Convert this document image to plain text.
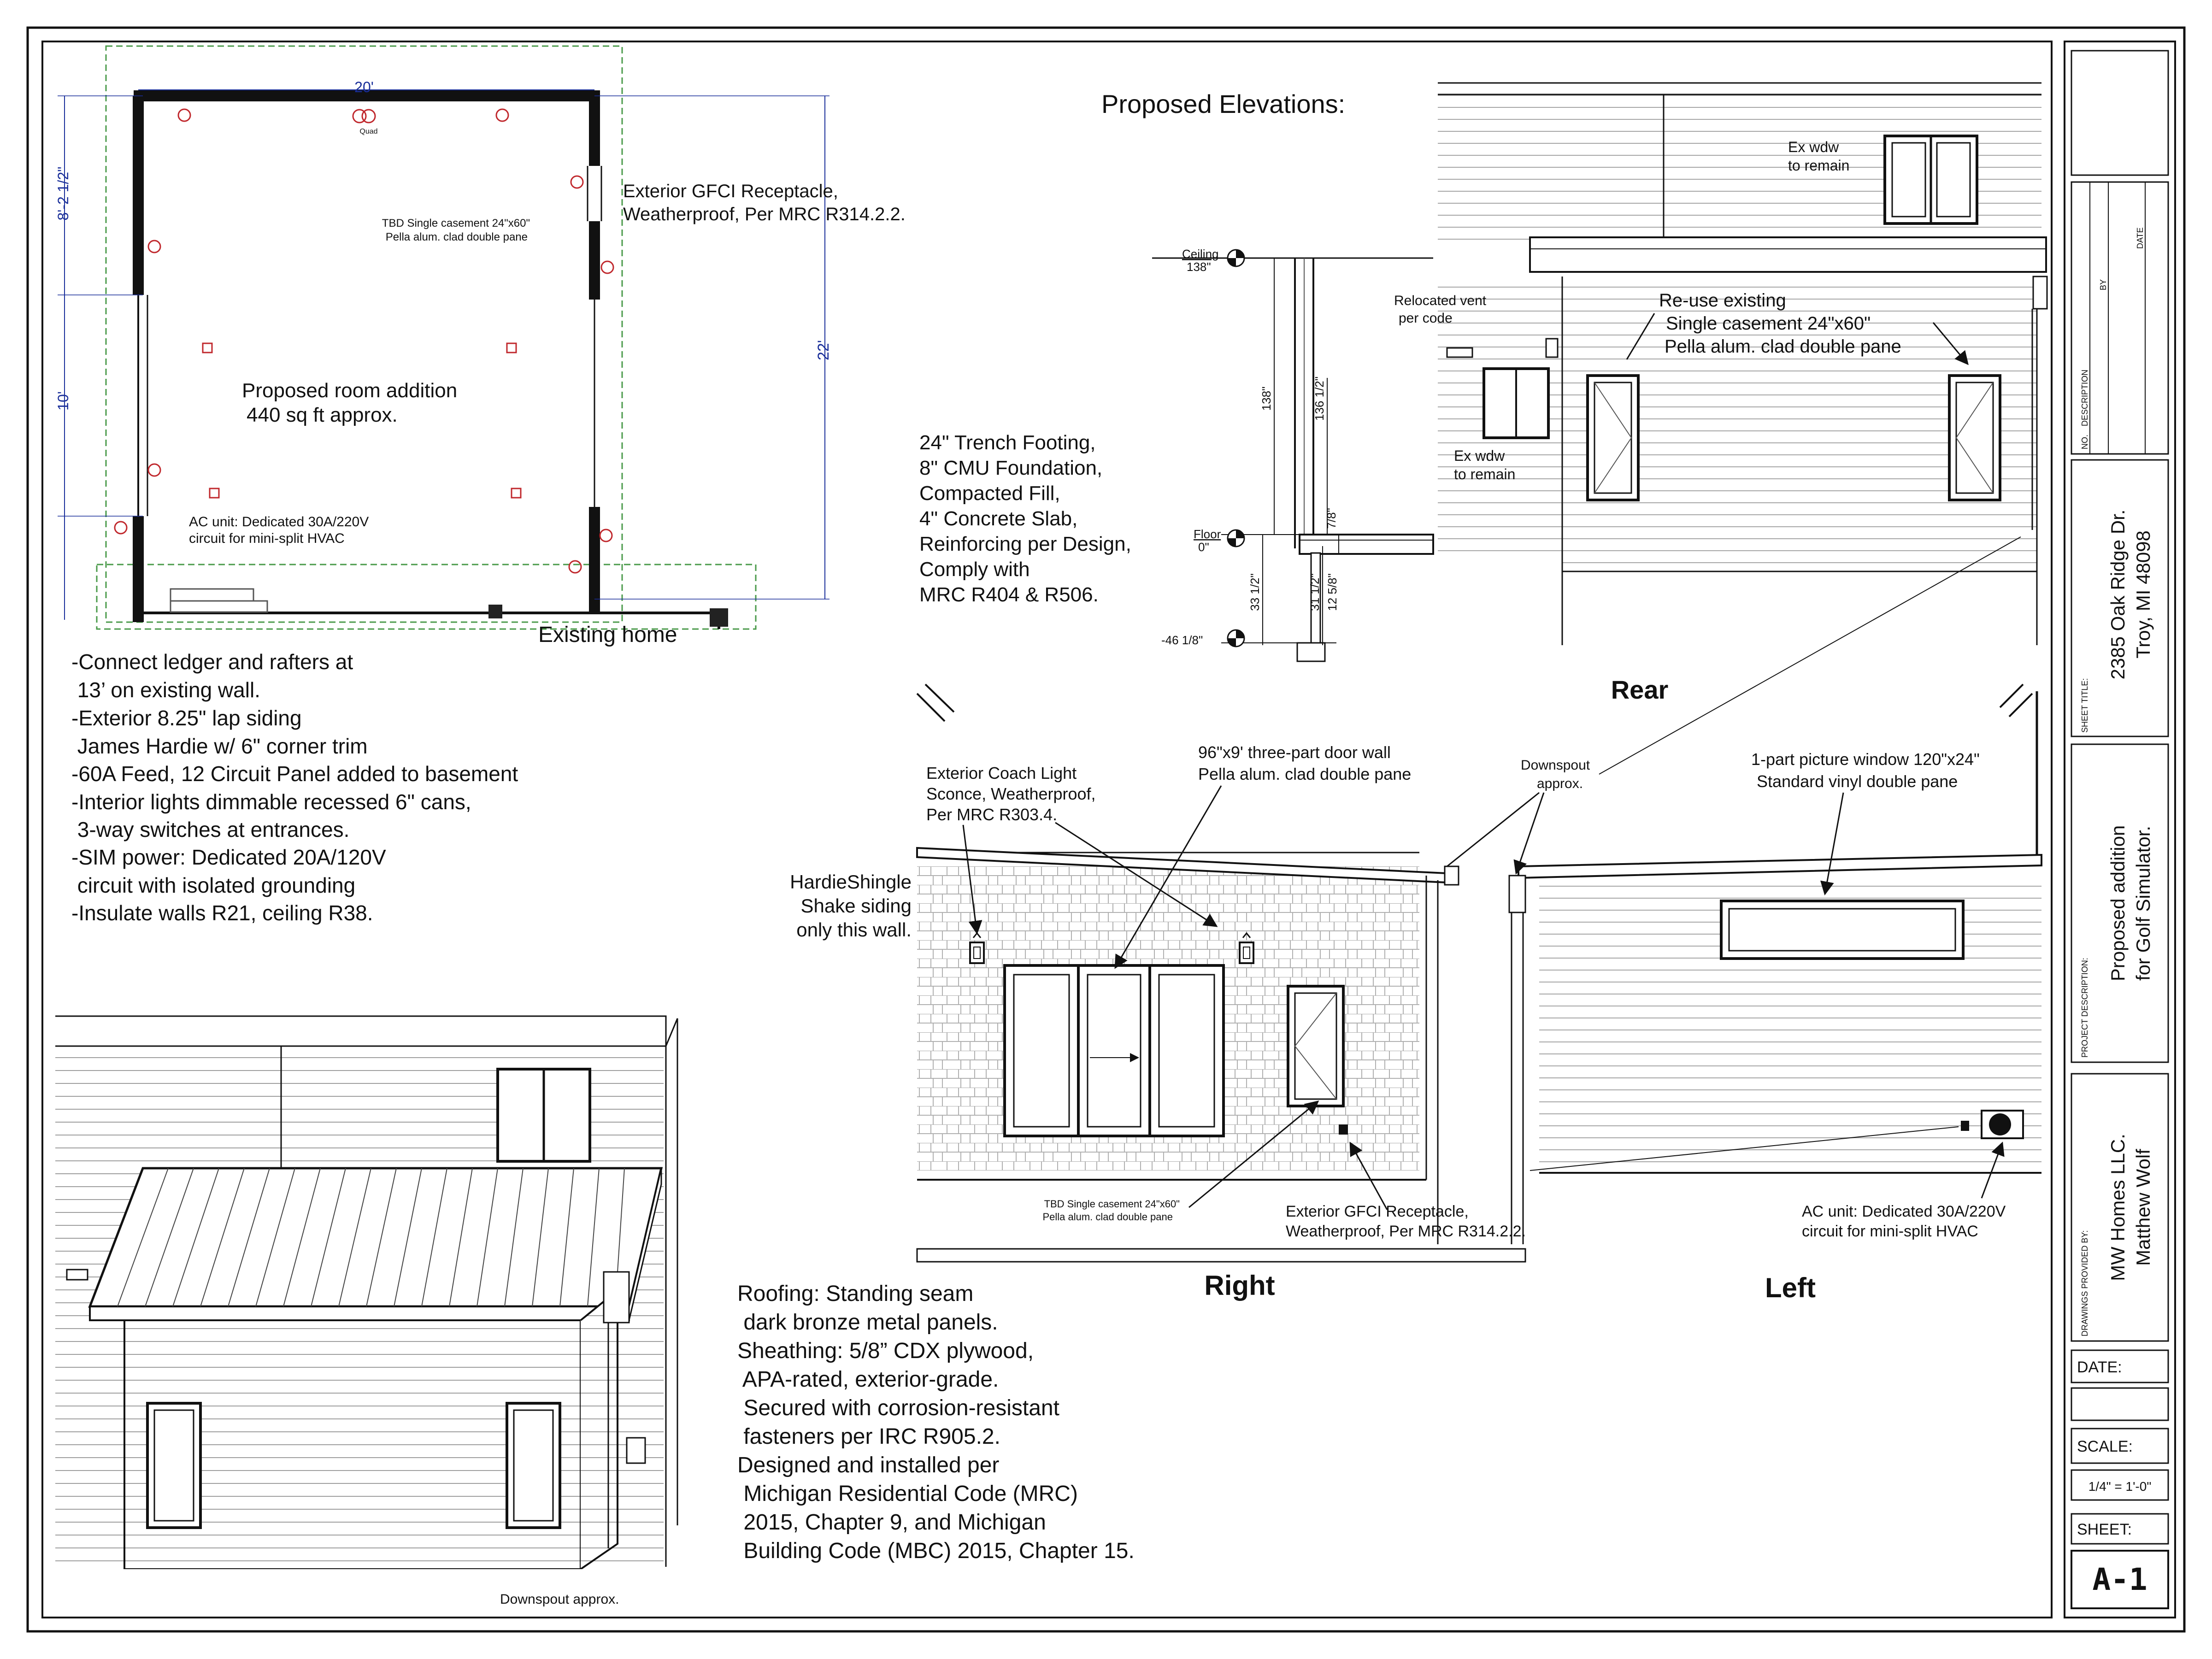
20'
8'-2 1/2"
10'
22'
Quad
Exterior GFCI Receptacle,
Weatherproof, Per MRC R314.2.2.
TBD Single casement 24"x60"
Pella alum. clad double pane
Proposed room addition
440 sq ft approx.
AC unit: Dedicated 30A/220V
circuit for mini-split HVAC
Existing home
-Connect ledger and rafters at
13’ on existing wall.
-Exterior 8.25" lap siding
James Hardie w/ 6" corner trim
-60A Feed, 12 Circuit Panel added to basement
-Interior lights dimmable recessed 6" cans,
3-way switches at entrances.
-SIM power: Dedicated 20A/120V
circuit with isolated grounding
-Insulate walls R21, ceiling R38.
Proposed Elevations:
24" Trench Footing,
8" CMU Foundation,
Compacted Fill,
4" Concrete Slab,
Reinforcing per Design,
Comply with
MRC R404 & R506.
Ceiling
138"
Floor
0"
-46 1/8"
138"	136 1/2"
7/8"
33 1/2"	31 1/2" 12 5/8"
Ex wdw
to remain
Relocated vent
per code
Re-use existing
Single casement 24"x60"
Pella alum. clad double pane
Ex wdw
to remain
Rear
Exterior Coach Light
Sconce, Weatherproof,
Per MRC R303.4.
96"x9' three-part door wall
Pella alum. clad double pane
HardieShingle
Shake siding
only this wall.
TBD Single casement 24"x60"
Pella alum. clad double pane	Exterior GFCI Receptacle,
Weatherproof, Per MRC R314.2.2.
Right
Downspout
approx.
1-part picture window 120"x24"
Standard vinyl double pane
AC unit: Dedicated 30A/220V
circuit for mini-split HVAC
Left
Downspout approx.
Roofing: Standing seam
dark bronze metal panels.
Sheathing: 5/8” CDX plywood,
APA-rated, exterior-grade.
Secured with corrosion-resistant
fasteners per IRC R905.2.
Designed and installed per
Michigan Residential Code (MRC)
2015, Chapter 9, and Michigan
Building Code (MBC) 2015, Chapter 15.
NO.
DESCRIPTION
BY
DATE
SHEET TITLE:
2385 Oak Ridge Dr. Troy, MI 48098
PROJECT DESCRIPTION:
Proposed addition for Golf Simulator.
DRAWINGS PROVIDED BY:
MW Homes LLC. Matthew Wolf
DATE:
SCALE:
1/4" = 1'-0"
SHEET:
A-1
